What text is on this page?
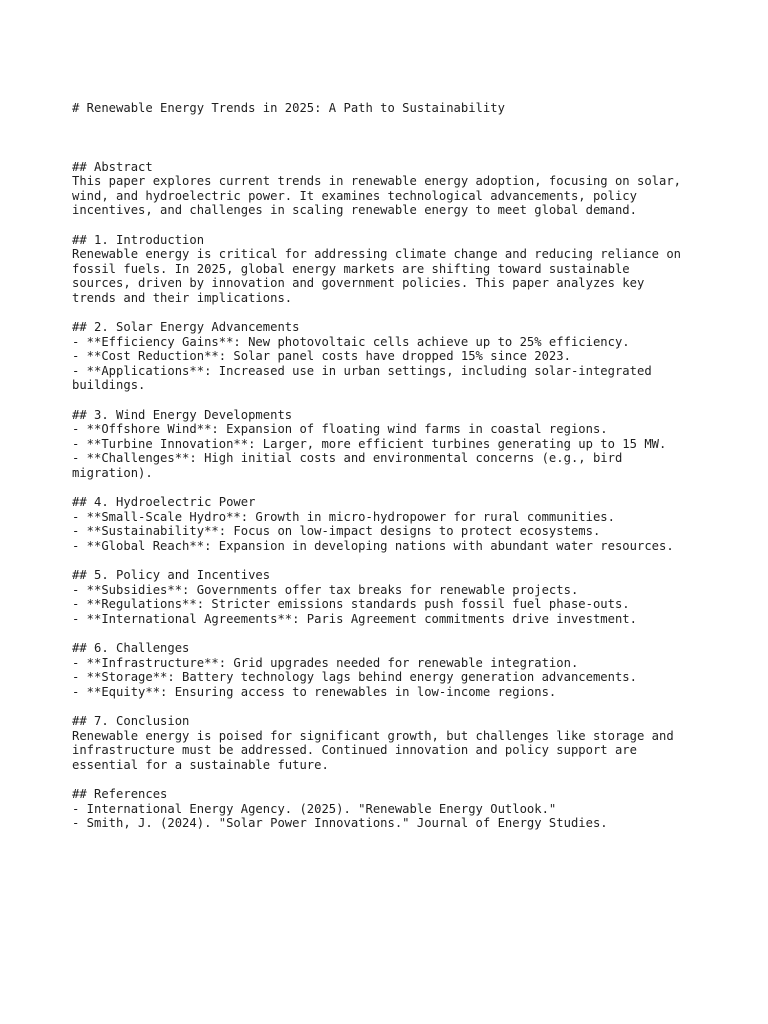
# Renewable Energy Trends in 2025: A Path to Sustainability

## Abstract
This paper explores current trends in renewable energy adoption, focusing on solar,
wind, and hydroelectric power. It examines technological advancements, policy
incentives, and challenges in scaling renewable energy to meet global demand.
## 1. Introduction
Renewable energy is critical for addressing climate change and reducing reliance on
fossil fuels. In 2025, global energy markets are shifting toward sustainable
sources, driven by innovation and government policies. This paper analyzes key
trends and their implications.
## 2. Solar Energy Advancements
- **Efficiency Gains**: New photovoltaic cells achieve up to 25% efficiency.
- **Cost Reduction**: Solar panel costs have dropped 15% since 2023.
- **Applications**: Increased use in urban settings, including solar-integrated
buildings.
## 3. Wind Energy Developments
- **Offshore Wind**: Expansion of floating wind farms in coastal regions.
- **Turbine Innovation**: Larger, more efficient turbines generating up to 15 MW.
- **Challenges**: High initial costs and environmental concerns (e.g., bird
migration).
## 4. Hydroelectric Power
- **Small-Scale Hydro**: Growth in micro-hydropower for rural communities.
- **Sustainability**: Focus on low-impact designs to protect ecosystems.
- **Global Reach**: Expansion in developing nations with abundant water resources.
## 5. Policy and Incentives
- **Subsidies**: Governments offer tax breaks for renewable projects.
- **Regulations**: Stricter emissions standards push fossil fuel phase-outs.
- **International Agreements**: Paris Agreement commitments drive investment.
## 6. Challenges
- **Infrastructure**: Grid upgrades needed for renewable integration.
- **Storage**: Battery technology lags behind energy generation advancements.
- **Equity**: Ensuring access to renewables in low-income regions.
## 7. Conclusion
Renewable energy is poised for significant growth, but challenges like storage and
infrastructure must be addressed. Continued innovation and policy support are
essential for a sustainable future.
## References
- International Energy Agency. (2025). "Renewable Energy Outlook."
- Smith, J. (2024). "Solar Power Innovations." Journal of Energy Studies.
